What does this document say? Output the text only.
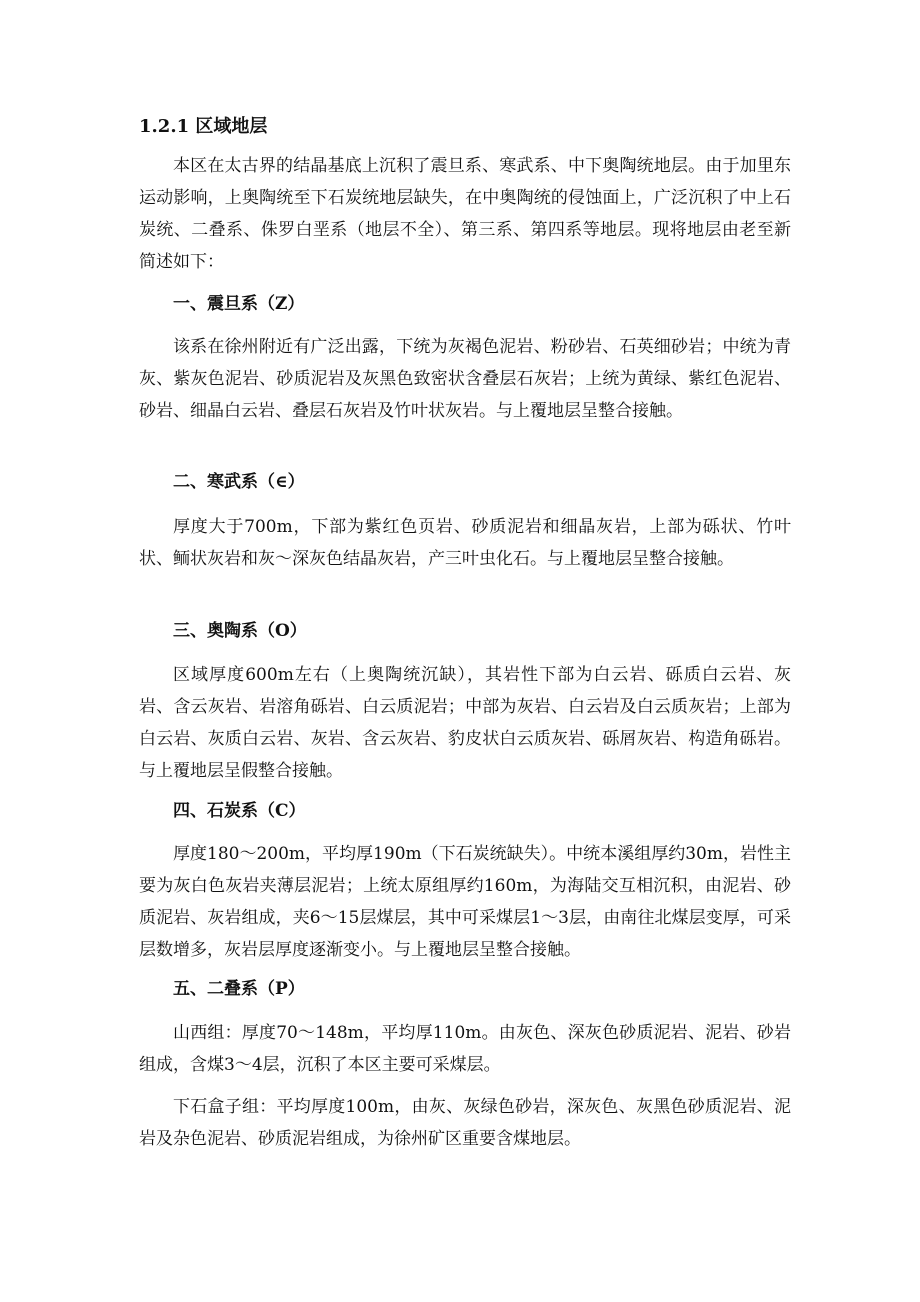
1.2.1 区域地层

本区在太古界的结晶基底上沉积了震旦系、寒武系、中下奥陶统地层。由于加里东运动影响，上奥陶统至下石炭统地层缺失，在中奥陶统的侵蚀面上，广泛沉积了中上石炭统、二叠系、侏罗白垩系（地层不全）、第三系、第四系等地层。现将地层由老至新简述如下：

一、震旦系（Z）

该系在徐州附近有广泛出露，下统为灰褐色泥岩、粉砂岩、石英细砂岩；中统为青灰、紫灰色泥岩、砂质泥岩及灰黑色致密状含叠层石灰岩；上统为黄绿、紫红色泥岩、砂岩、细晶白云岩、叠层石灰岩及竹叶状灰岩。与上覆地层呈整合接触。

二、寒武系（∈）

厚度大于700m，下部为紫红色页岩、砂质泥岩和细晶灰岩，上部为砾状、竹叶状、鲕状灰岩和灰～深灰色结晶灰岩，产三叶虫化石。与上覆地层呈整合接触。

三、奥陶系（O）

区域厚度600m左右（上奥陶统沉缺），其岩性下部为白云岩、砾质白云岩、灰岩、含云灰岩、岩溶角砾岩、白云质泥岩；中部为灰岩、白云岩及白云质灰岩；上部为白云岩、灰质白云岩、灰岩、含云灰岩、豹皮状白云质灰岩、砾屑灰岩、构造角砾岩。与上覆地层呈假整合接触。

四、石炭系（C）

厚度180～200m，平均厚190m（下石炭统缺失）。中统本溪组厚约30m，岩性主要为灰白色灰岩夹薄层泥岩；上统太原组厚约160m，为海陆交互相沉积，由泥岩、砂质泥岩、灰岩组成，夹6～15层煤层，其中可采煤层1～3层，由南往北煤层变厚，可采层数增多，灰岩层厚度逐渐变小。与上覆地层呈整合接触。

五、二叠系（P）

山西组：厚度70～148m，平均厚110m。由灰色、深灰色砂质泥岩、泥岩、砂岩组成，含煤3～4层，沉积了本区主要可采煤层。

下石盒子组：平均厚度100m，由灰、灰绿色砂岩，深灰色、灰黑色砂质泥岩、泥岩及杂色泥岩、砂质泥岩组成，为徐州矿区重要含煤地层。
